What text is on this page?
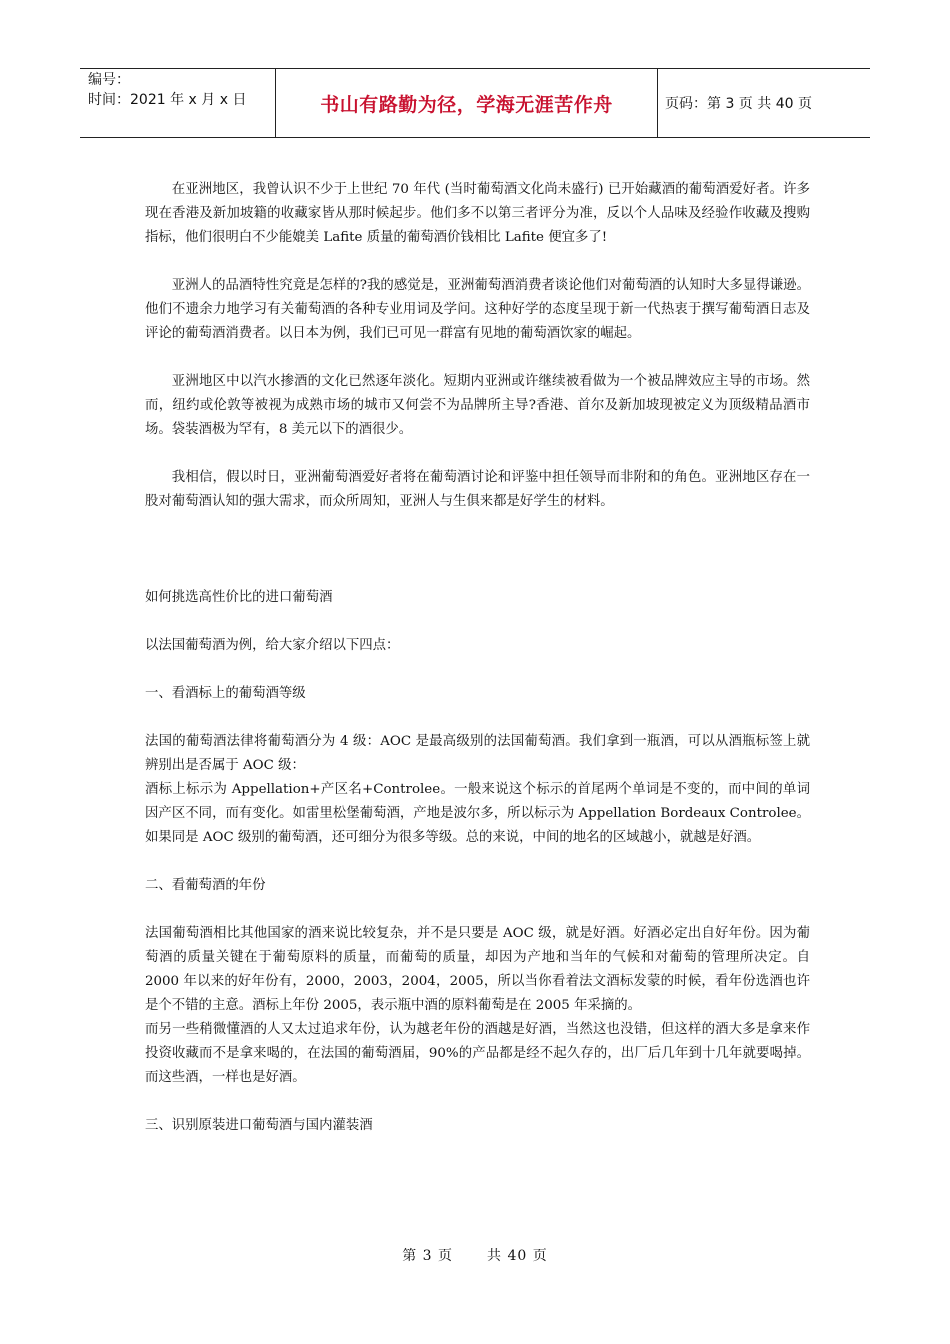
编号：
时间：2021 年 x 月 x 日	书山有路勤为径，学海无涯苦作舟	页码：第 3 页 共 40 页

在亚洲地区，我曾认识不少于上世纪 70 年代 (当时葡萄酒文化尚未盛行) 已开始藏酒的葡萄酒爱好者。许多现在香港及新加坡籍的收藏家皆从那时候起步。他们多不以第三者评分为准，反以个人品味及经验作收藏及搜购指标，他们很明白不少能媲美 Lafite 质量的葡萄酒价钱相比 Lafite 便宜多了!

亚洲人的品酒特性究竟是怎样的?我的感觉是，亚洲葡萄酒消费者谈论他们对葡萄酒的认知时大多显得谦逊。他们不遗余力地学习有关葡萄酒的各种专业用词及学问。这种好学的态度呈现于新一代热衷于撰写葡萄酒日志及评论的葡萄酒消费者。以日本为例，我们已可见一群富有见地的葡萄酒饮家的崛起。

亚洲地区中以汽水掺酒的文化已然逐年淡化。短期内亚洲或许继续被看做为一个被品牌效应主导的市场。然而，纽约或伦敦等被视为成熟市场的城市又何尝不为品牌所主导?香港、首尔及新加坡现被定义为顶级精品酒市场。袋装酒极为罕有，8 美元以下的酒很少。

我相信，假以时日，亚洲葡萄酒爱好者将在葡萄酒讨论和评鉴中担任领导而非附和的角色。亚洲地区存在一股对葡萄酒认知的强大需求，而众所周知，亚洲人与生俱来都是好学生的材料。

如何挑选高性价比的进口葡萄酒

以法国葡萄酒为例，给大家介绍以下四点：

一、看酒标上的葡萄酒等级

法国的葡萄酒法律将葡萄酒分为 4 级：AOC 是最高级别的法国葡萄酒。我们拿到一瓶酒，可以从酒瓶标签上就辨别出是否属于 AOC 级：

酒标上标示为 Appellation+产区名+Controlee。一般来说这个标示的首尾两个单词是不变的，而中间的单词因产区不同，而有变化。如雷里松堡葡萄酒，产地是波尔多，所以标示为 Appellation Bordeaux Controlee。如果同是 AOC 级别的葡萄酒，还可细分为很多等级。总的来说，中间的地名的区域越小，就越是好酒。

二、看葡萄酒的年份

法国葡萄酒相比其他国家的酒来说比较复杂，并不是只要是 AOC 级，就是好酒。好酒必定出自好年份。因为葡萄酒的质量关键在于葡萄原料的质量，而葡萄的质量，却因为产地和当年的气候和对葡萄的管理所决定。自 2000 年以来的好年份有，2000，2003，2004，2005，所以当你看着法文酒标发蒙的时候，看年份选酒也许是个不错的主意。酒标上年份 2005，表示瓶中酒的原料葡萄是在 2005 年采摘的。

而另一些稍微懂酒的人又太过追求年份，认为越老年份的酒越是好酒，当然这也没错，但这样的酒大多是拿来作投资收藏而不是拿来喝的，在法国的葡萄酒届，90%的产品都是经不起久存的，出厂后几年到十几年就要喝掉。而这些酒，一样也是好酒。

三、识别原装进口葡萄酒与国内灌装酒

第 3 页 共 40 页
